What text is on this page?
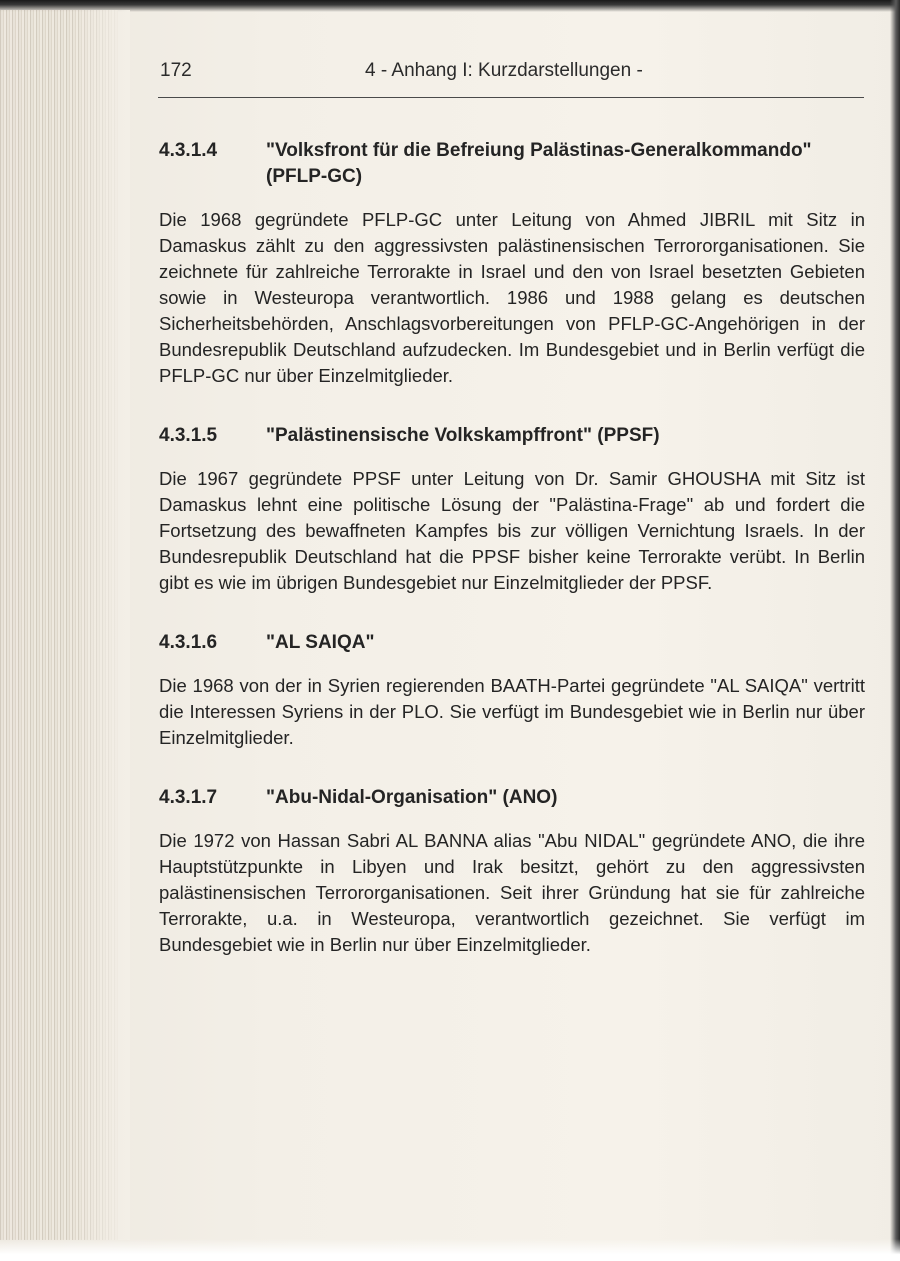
172	4 - Anhang I: Kurzdarstellungen -
4.3.1.4	"Volksfront für die Befreiung Palästinas-Generalkommando" (PFLP-GC)

Die 1968 gegründete PFLP-GC unter Leitung von Ahmed JIBRIL mit Sitz in Damaskus zählt zu den aggressivsten palästinensischen Terrororganisationen. Sie zeichnete für zahlreiche Terrorakte in Israel und den von Israel besetzten Gebieten sowie in Westeuropa verantwortlich. 1986 und 1988 gelang es deutschen Sicherheitsbehörden, Anschlagsvorbereitungen von PFLP-GC-Angehörigen in der Bundesrepublik Deutschland aufzudecken. Im Bundesgebiet und in Berlin verfügt die PFLP-GC nur über Einzelmitglieder.

4.3.1.5	"Palästinensische Volkskampffront" (PPSF)

Die 1967 gegründete PPSF unter Leitung von Dr. Samir GHOUSHA mit Sitz ist Damaskus lehnt eine politische Lösung der "Palästina-Frage" ab und fordert die Fortsetzung des bewaffneten Kampfes bis zur völligen Vernichtung Israels. In der Bundesrepublik Deutschland hat die PPSF bisher keine Terrorakte verübt. In Berlin gibt es wie im übrigen Bundesgebiet nur Einzelmitglieder der PPSF.

4.3.1.6	"AL SAIQA"

Die 1968 von der in Syrien regierenden BAATH-Partei gegründete "AL SAIQA" vertritt die Interessen Syriens in der PLO. Sie verfügt im Bundesgebiet wie in Berlin nur über Einzelmitglieder.

4.3.1.7	"Abu-Nidal-Organisation" (ANO)

Die 1972 von Hassan Sabri AL BANNA alias "Abu NIDAL" gegründete ANO, die ihre Hauptstützpunkte in Libyen und Irak besitzt, gehört zu den aggressivsten palästinensischen Terrororganisationen. Seit ihrer Gründung hat sie für zahlreiche Terrorakte, u.a. in Westeuropa, verantwortlich gezeichnet. Sie verfügt im Bundesgebiet wie in Berlin nur über Einzelmitglieder.
